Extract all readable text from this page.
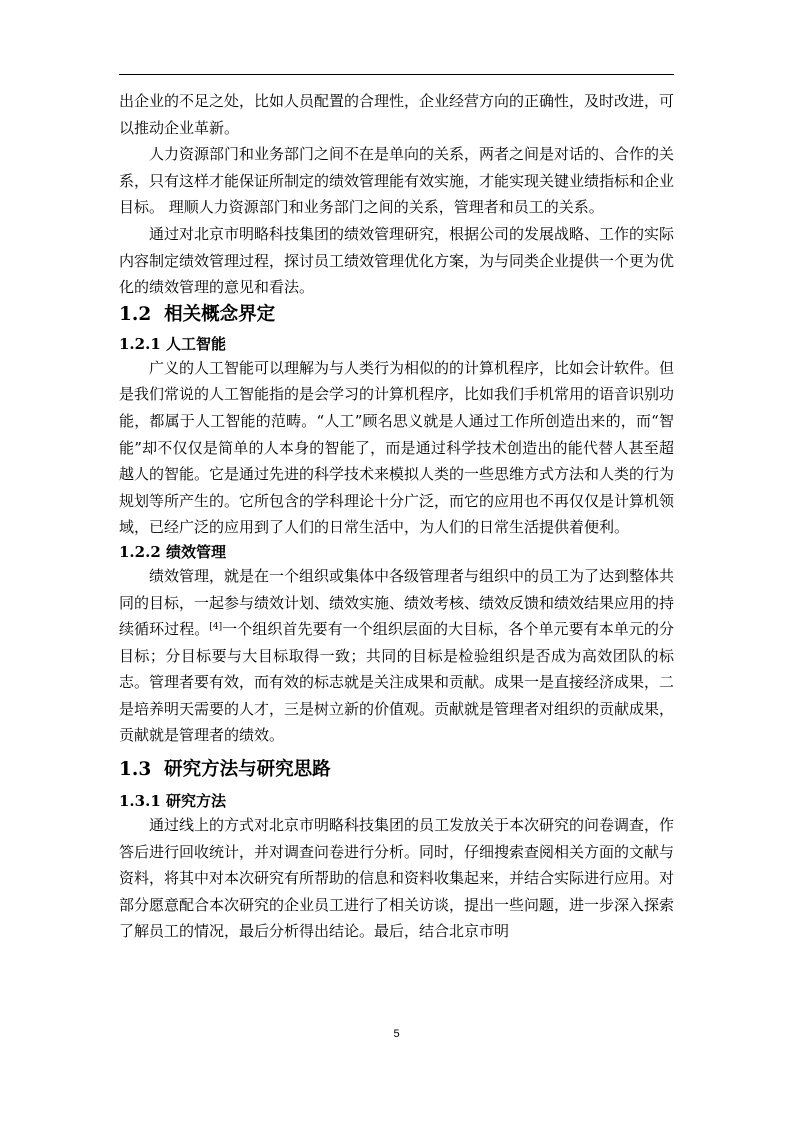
出企业的不足之处，比如人员配置的合理性，企业经营方向的正确性，及时改进，可以推动企业革新。

人力资源部门和业务部门之间不在是单向的关系，两者之间是对话的、合作的关系，只有这样才能保证所制定的绩效管理能有效实施，才能实现关键业绩指标和企业目标。 理顺人力资源部门和业务部门之间的关系，管理者和员工的关系。

通过对北京市明略科技集团的绩效管理研究，根据公司的发展战略、工作的实际内容制定绩效管理过程，探讨员工绩效管理优化方案，为与同类企业提供一个更为优化的绩效管理的意见和看法。

1.2 相关概念界定
1.2.1 人工智能

广义的人工智能可以理解为与人类行为相似的的计算机程序，比如会计软件。但是我们常说的人工智能指的是会学习的计算机程序，比如我们手机常用的语音识别功能，都属于人工智能的范畴。“人工”顾名思义就是人通过工作所创造出来的，而“智能”却不仅仅是简单的人本身的智能了，而是通过科学技术创造出的能代替人甚至超越人的智能。它是通过先进的科学技术来模拟人类的一些思维方式方法和人类的行为规划等所产生的。它所包含的学科理论十分广泛，而它的应用也不再仅仅是计算机领域，已经广泛的应用到了人们的日常生活中，为人们的日常生活提供着便利。

1.2.2 绩效管理

绩效管理，就是在一个组织或集体中各级管理者与组织中的员工为了达到整体共同的目标，一起参与绩效计划、绩效实施、绩效考核、绩效反馈和绩效结果应用的持续循环过程。[4]一个组织首先要有一个组织层面的大目标，各个单元要有本单元的分目标；分目标要与大目标取得一致；共同的目标是检验组织是否成为高效团队的标志。管理者要有效，而有效的标志就是关注成果和贡献。成果一是直接经济成果，二是培养明天需要的人才，三是树立新的价值观。贡献就是管理者对组织的贡献成果，贡献就是管理者的绩效。

1.3 研究方法与研究思路
1.3.1 研究方法

通过线上的方式对北京市明略科技集团的员工发放关于本次研究的问卷调查，作答后进行回收统计，并对调查问卷进行分析。同时，仔细搜索查阅相关方面的文献与资料，将其中对本次研究有所帮助的信息和资料收集起来，并结合实际进行应用。对部分愿意配合本次研究的企业员工进行了相关访谈，提出一些问题，进一步深入探索了解员工的情况，最后分析得出结论。最后，结合北京市明

5
